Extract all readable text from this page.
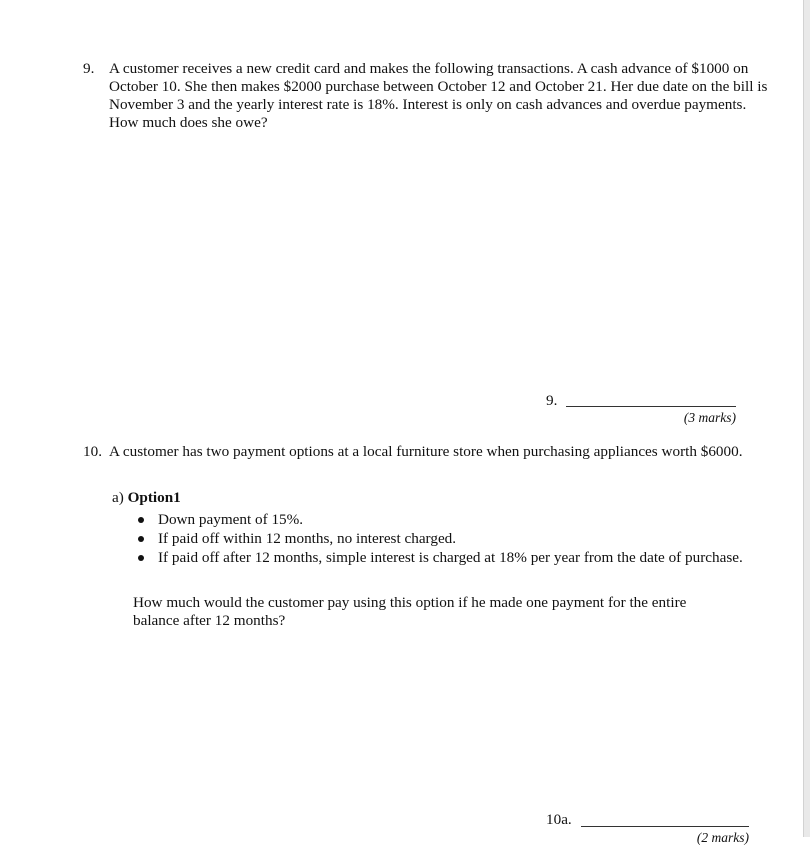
9. A customer receives a new credit card and makes the following transactions. A cash advance of $1000 on October 10. She then makes $2000 purchase between October 12 and October 21. Her due date on the bill is November 3 and the yearly interest rate is 18%. Interest is only on cash advances and overdue payments. How much does she owe?
9.
(3 marks)
10. A customer has two payment options at a local furniture store when purchasing appliances worth $6000.
a) Option1
Down payment of 15%.
If paid off within 12 months, no interest charged.
If paid off after 12 months, simple interest is charged at 18% per year from the date of purchase.
How much would the customer pay using this option if he made one payment for the entire balance after 12 months?
10a.
(2 marks)
